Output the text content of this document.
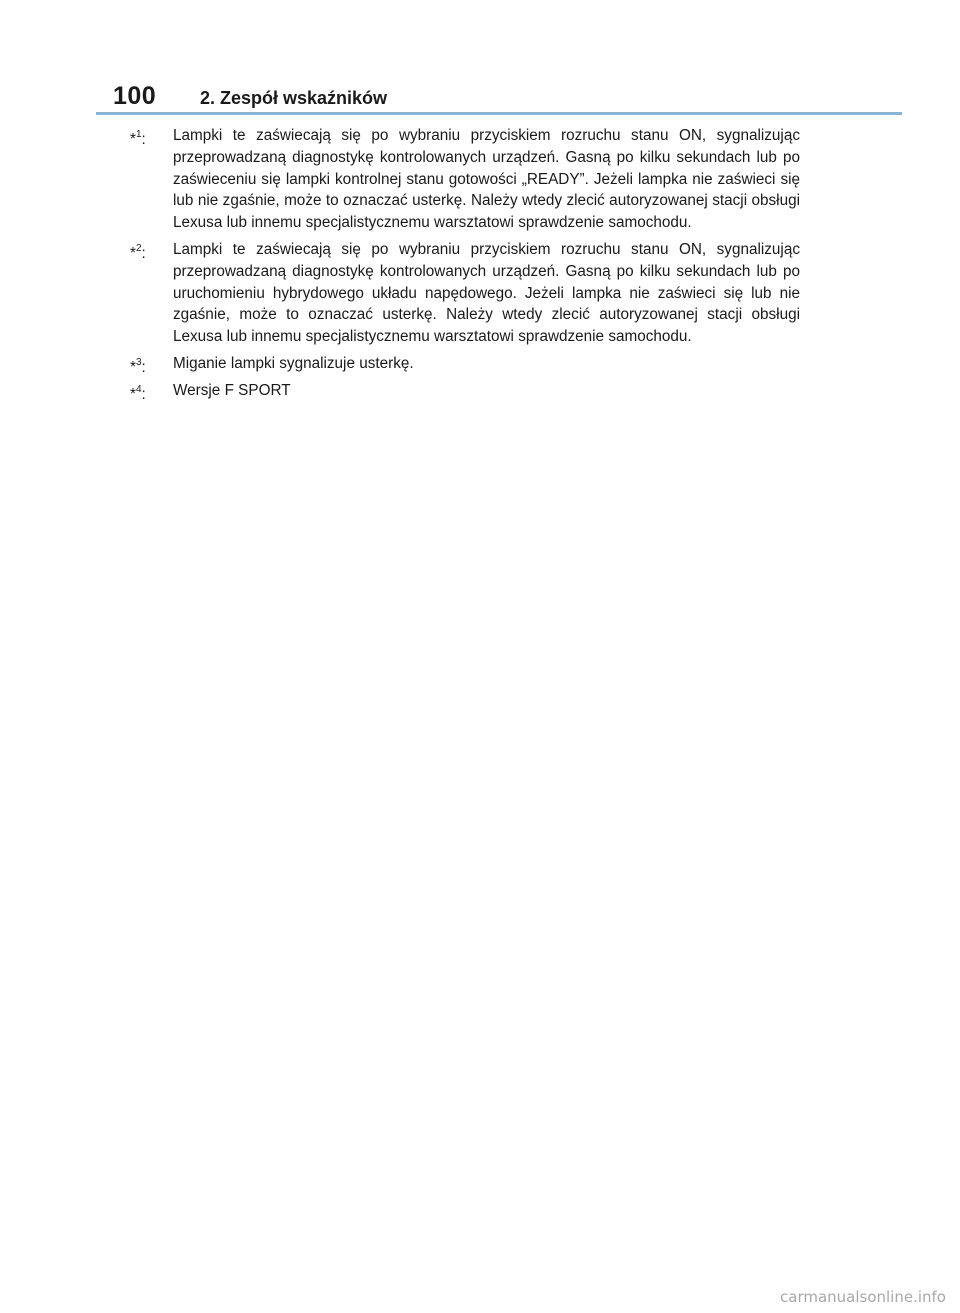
100 2. Zespół wskaźników
*$^1$: Lampki te zaświecają się po wybraniu przyciskiem rozruchu stanu ON, sygnalizując przeprowadzaną diagnostykę kontrolowanych urządzeń. Gasną po kilku sekundach lub po zaświeceniu się lampki kontrolnej stanu gotowości „READY”. Jeżeli lampka nie zaświeci się lub nie zgaśnie, może to oznaczać usterkę. Należy wtedy zlecić autoryzowanej stacji obsługi Lexusa lub innemu specjalistycznemu warsztatowi sprawdzenie samochodu.
*$^2$: Lampki te zaświecają się po wybraniu przyciskiem rozruchu stanu ON, sygnalizując przeprowadzaną diagnostykę kontrolowanych urządzeń. Gasną po kilku sekundach lub po uruchomieniu hybrydowego układu napędowego. Jeżeli lampka nie zaświeci się lub nie zgaśnie, może to oznaczać usterkę. Należy wtedy zlecić autoryzowanej stacji obsługi Lexusa lub innemu specjalistycznemu warsztatowi sprawdzenie samochodu.
*$^3$: Miganie lampki sygnalizuje usterkę.
*$^4$: Wersje F SPORT
carmanualsonline.info
